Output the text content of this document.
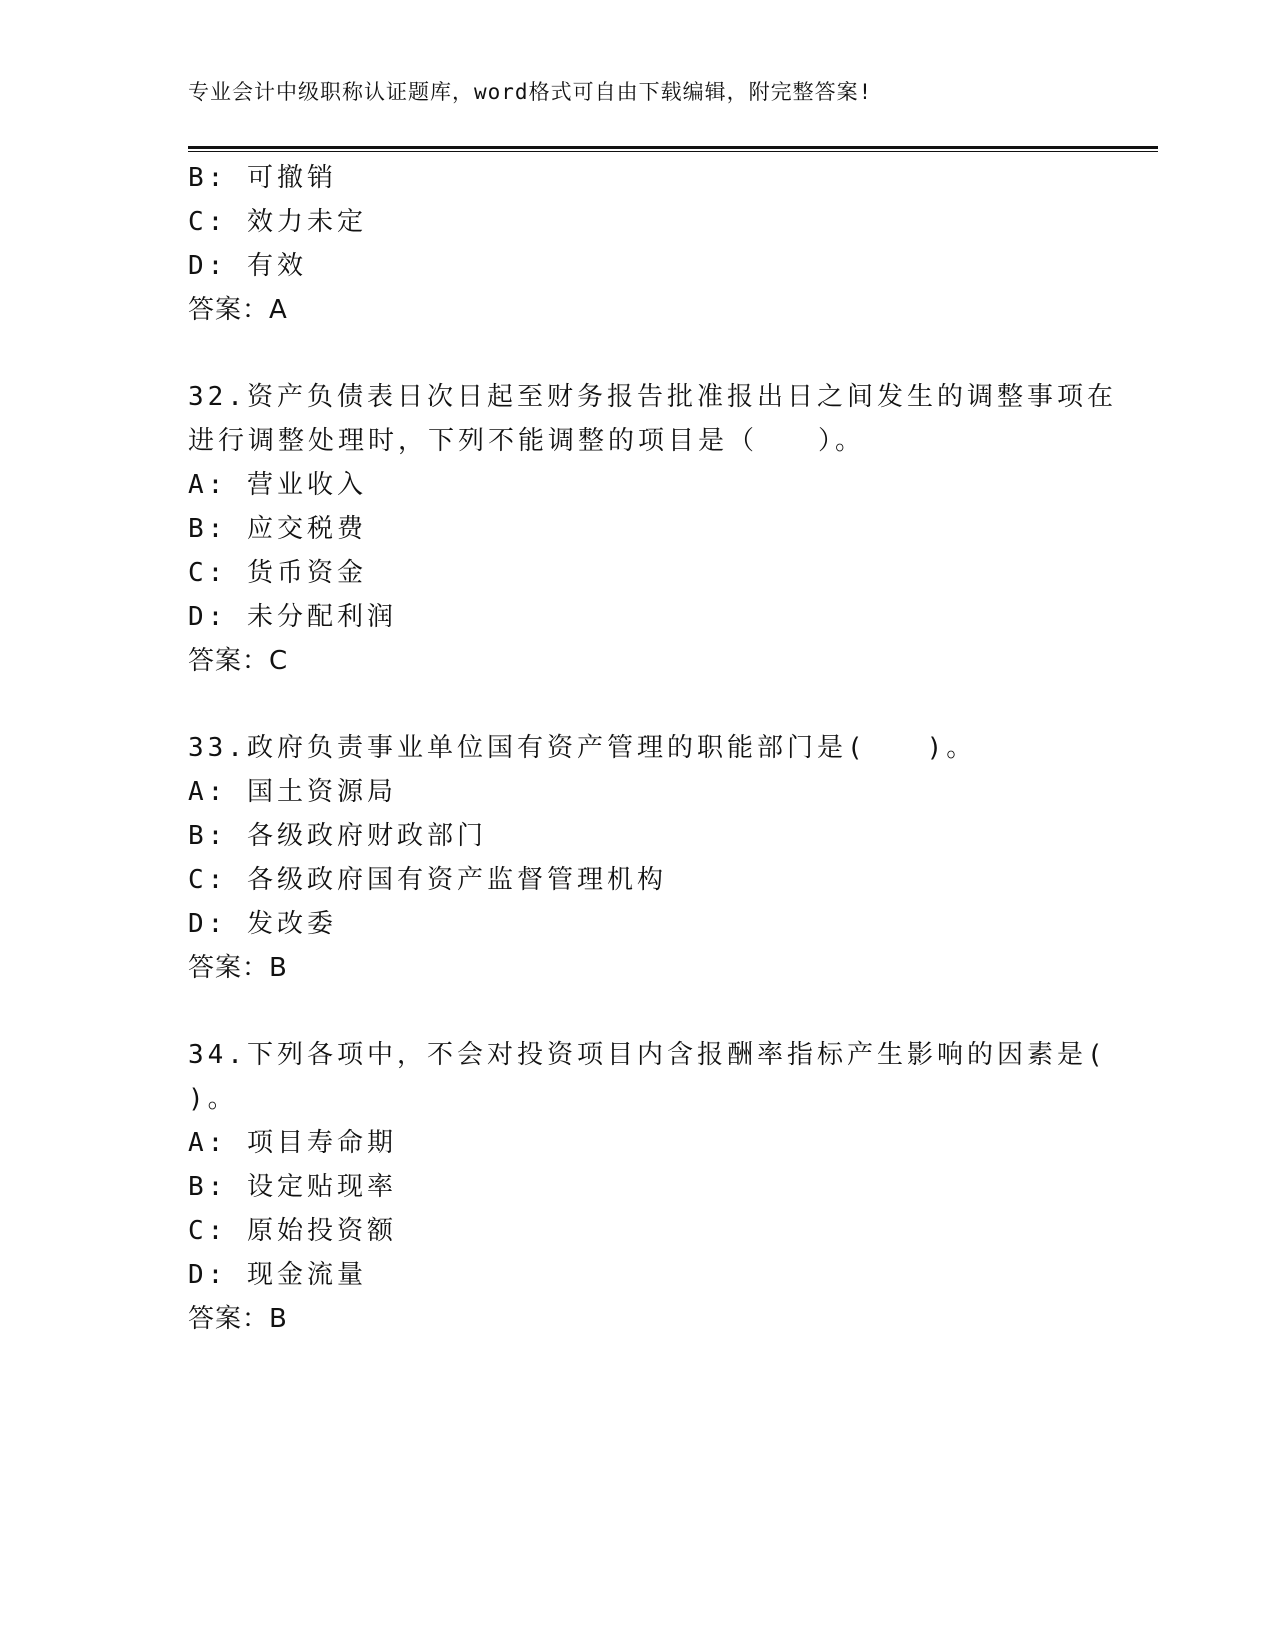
专业会计中级职称认证题库，word格式可自由下载编辑，附完整答案!
B: 可撤销
C: 效力未定
D: 有效
答案：A
32.资产负债表日次日起至财务报告批准报出日之间发生的调整事项在
进行调整处理时，下列不能调整的项目是（　　）。
A: 营业收入
B: 应交税费
C: 货币资金
D: 未分配利润
答案：C
33.政府负责事业单位国有资产管理的职能部门是(　　)。
A: 国土资源局
B: 各级政府财政部门
C: 各级政府国有资产监督管理机构
D: 发改委
答案：B
34.下列各项中，不会对投资项目内含报酬率指标产生影响的因素是(
)。
A: 项目寿命期
B: 设定贴现率
C: 原始投资额
D: 现金流量
答案：B
